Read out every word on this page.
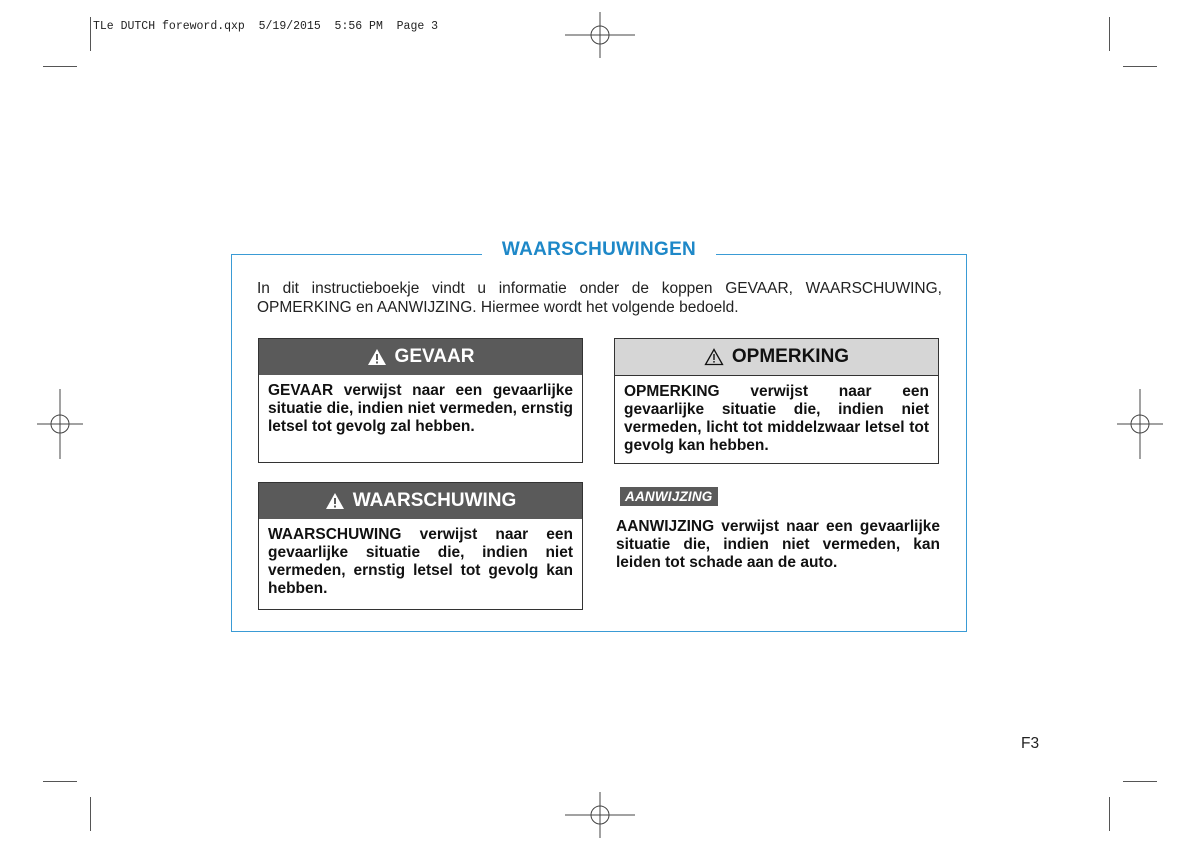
TLe DUTCH foreword.qxp  5/19/2015  5:56 PM  Page 3
WAARSCHUWINGEN

In dit instructieboekje vindt u informatie onder de koppen GEVAAR, WAARSCHUWING, OPMERKING en AANWIJZING. Hiermee wordt het volgende bedoeld.

GEVAAR
GEVAAR verwijst naar een gevaarlijke situatie die, indien niet vermeden, ernstig letsel tot gevolg zal hebben.
OPMERKING
OPMERKING verwijst naar een gevaarlijke situatie die, indien niet vermeden, licht tot middelzwaar letsel tot gevolg kan hebben.
WAARSCHUWING
WAARSCHUWING verwijst naar een gevaarlijke situatie die, indien niet vermeden, ernstig letsel tot gevolg kan hebben.
AANWIJZING
AANWIJZING verwijst naar een gevaarlijke situatie die, indien niet vermeden, kan leiden tot schade aan de auto.
F3
